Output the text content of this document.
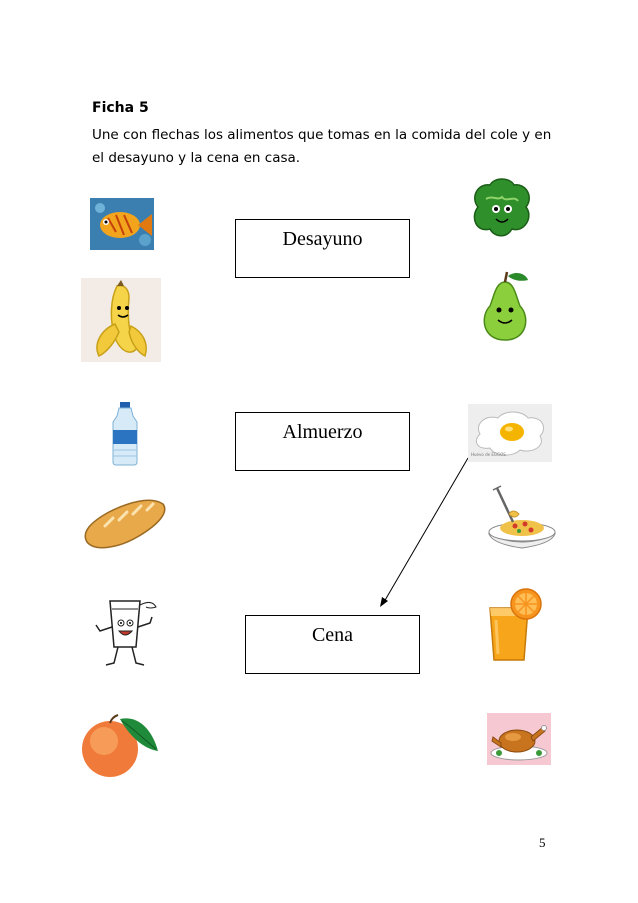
Ficha 5
Une con flechas los alimentos que tomas en la comida del cole y en el desayuno y la cena en casa.
Desayuno
Almuerzo
Cena
Huevo de EGGOS
5
